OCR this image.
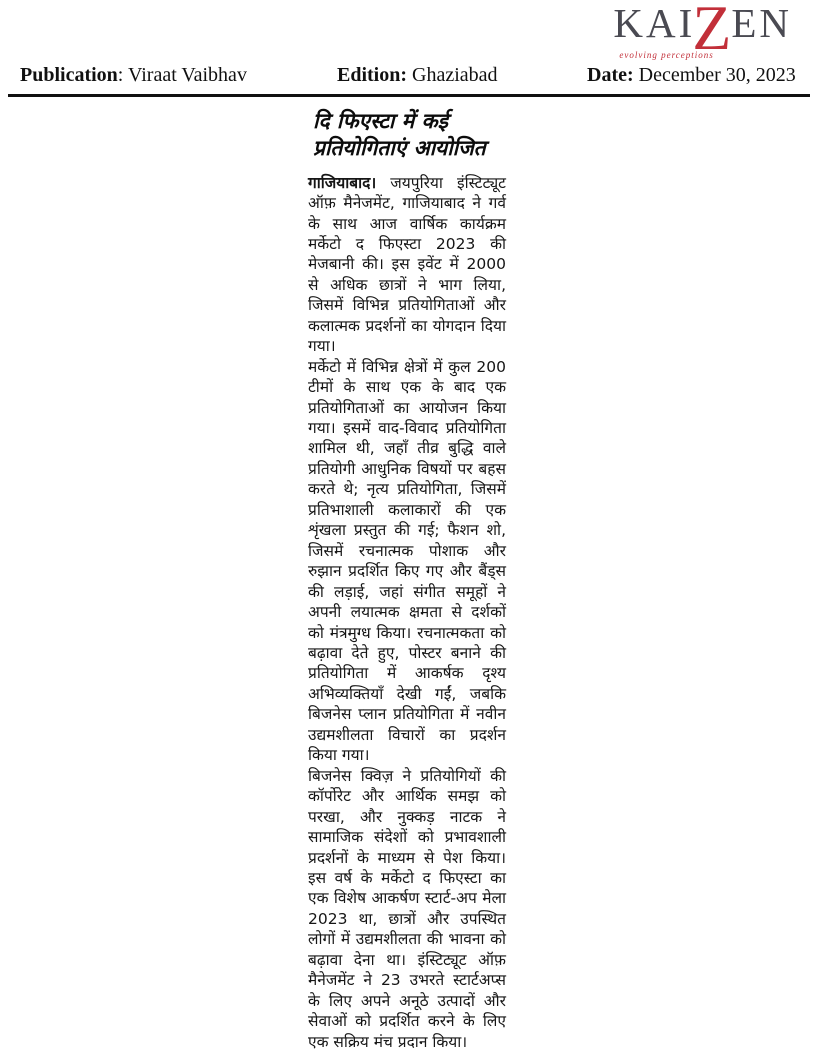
KAI
Z
EN
evolving perceptions
Publication: Viraat Vaibhav	Edition: Ghaziabad	Date: December 30, 2023
दि फिएस्टा में कई
प्रतियोगिताएं आयोजित

गाजियाबाद। जयपुरिया इंस्टिट्यूट ऑफ़ मैनेजमेंट, गाजियाबाद ने गर्व के साथ आज वार्षिक कार्यक्रम मर्केटो द फिएस्टा 2023 की मेजबानी की। इस इवेंट में 2000 से अधिक छात्रों ने भाग लिया, जिसमें विभिन्न प्रतियोगिताओं और कलात्मक प्रदर्शनों का योगदान दिया गया।

मर्केटो में विभिन्न क्षेत्रों में कुल 200 टीमों के साथ एक के बाद एक प्रतियोगिताओं का आयोजन किया गया। इसमें वाद-विवाद प्रतियोगिता शामिल थी, जहाँ तीव्र बुद्धि वाले प्रतियोगी आधुनिक विषयों पर बहस करते थे; नृत्य प्रतियोगिता, जिसमें प्रतिभाशाली कलाकारों की एक शृंखला प्रस्तुत की गई; फैशन शो, जिसमें रचनात्मक पोशाक और रुझान प्रदर्शित किए गए और बैंड्स की लड़ाई, जहां संगीत समूहों ने अपनी लयात्मक क्षमता से दर्शकों को मंत्रमुग्ध किया। रचनात्मकता को बढ़ावा देते हुए, पोस्टर बनाने की प्रतियोगिता में आकर्षक दृश्य अभिव्यक्तियाँ देखी गईं, जबकि बिजनेस प्लान प्रतियोगिता में नवीन उद्यमशीलता विचारों का प्रदर्शन किया गया।

बिजनेस क्विज़ ने प्रतियोगियों की कॉर्पोरेट और आर्थिक समझ को परखा, और नुक्कड़ नाटक ने सामाजिक संदेशों को प्रभावशाली प्रदर्शनों के माध्यम से पेश किया। इस वर्ष के मर्केटो द फिएस्टा का एक विशेष आकर्षण स्टार्ट-अप मेला 2023 था, छात्रों और उपस्थित लोगों में उद्यमशीलता की भावना को बढ़ावा देना था। इंस्टिट्यूट ऑफ़ मैनेजमेंट ने 23 उभरते स्टार्टअप्स के लिए अपने अनूठे उत्पादों और सेवाओं को प्रदर्शित करने के लिए एक सक्रिय मंच प्रदान किया।
